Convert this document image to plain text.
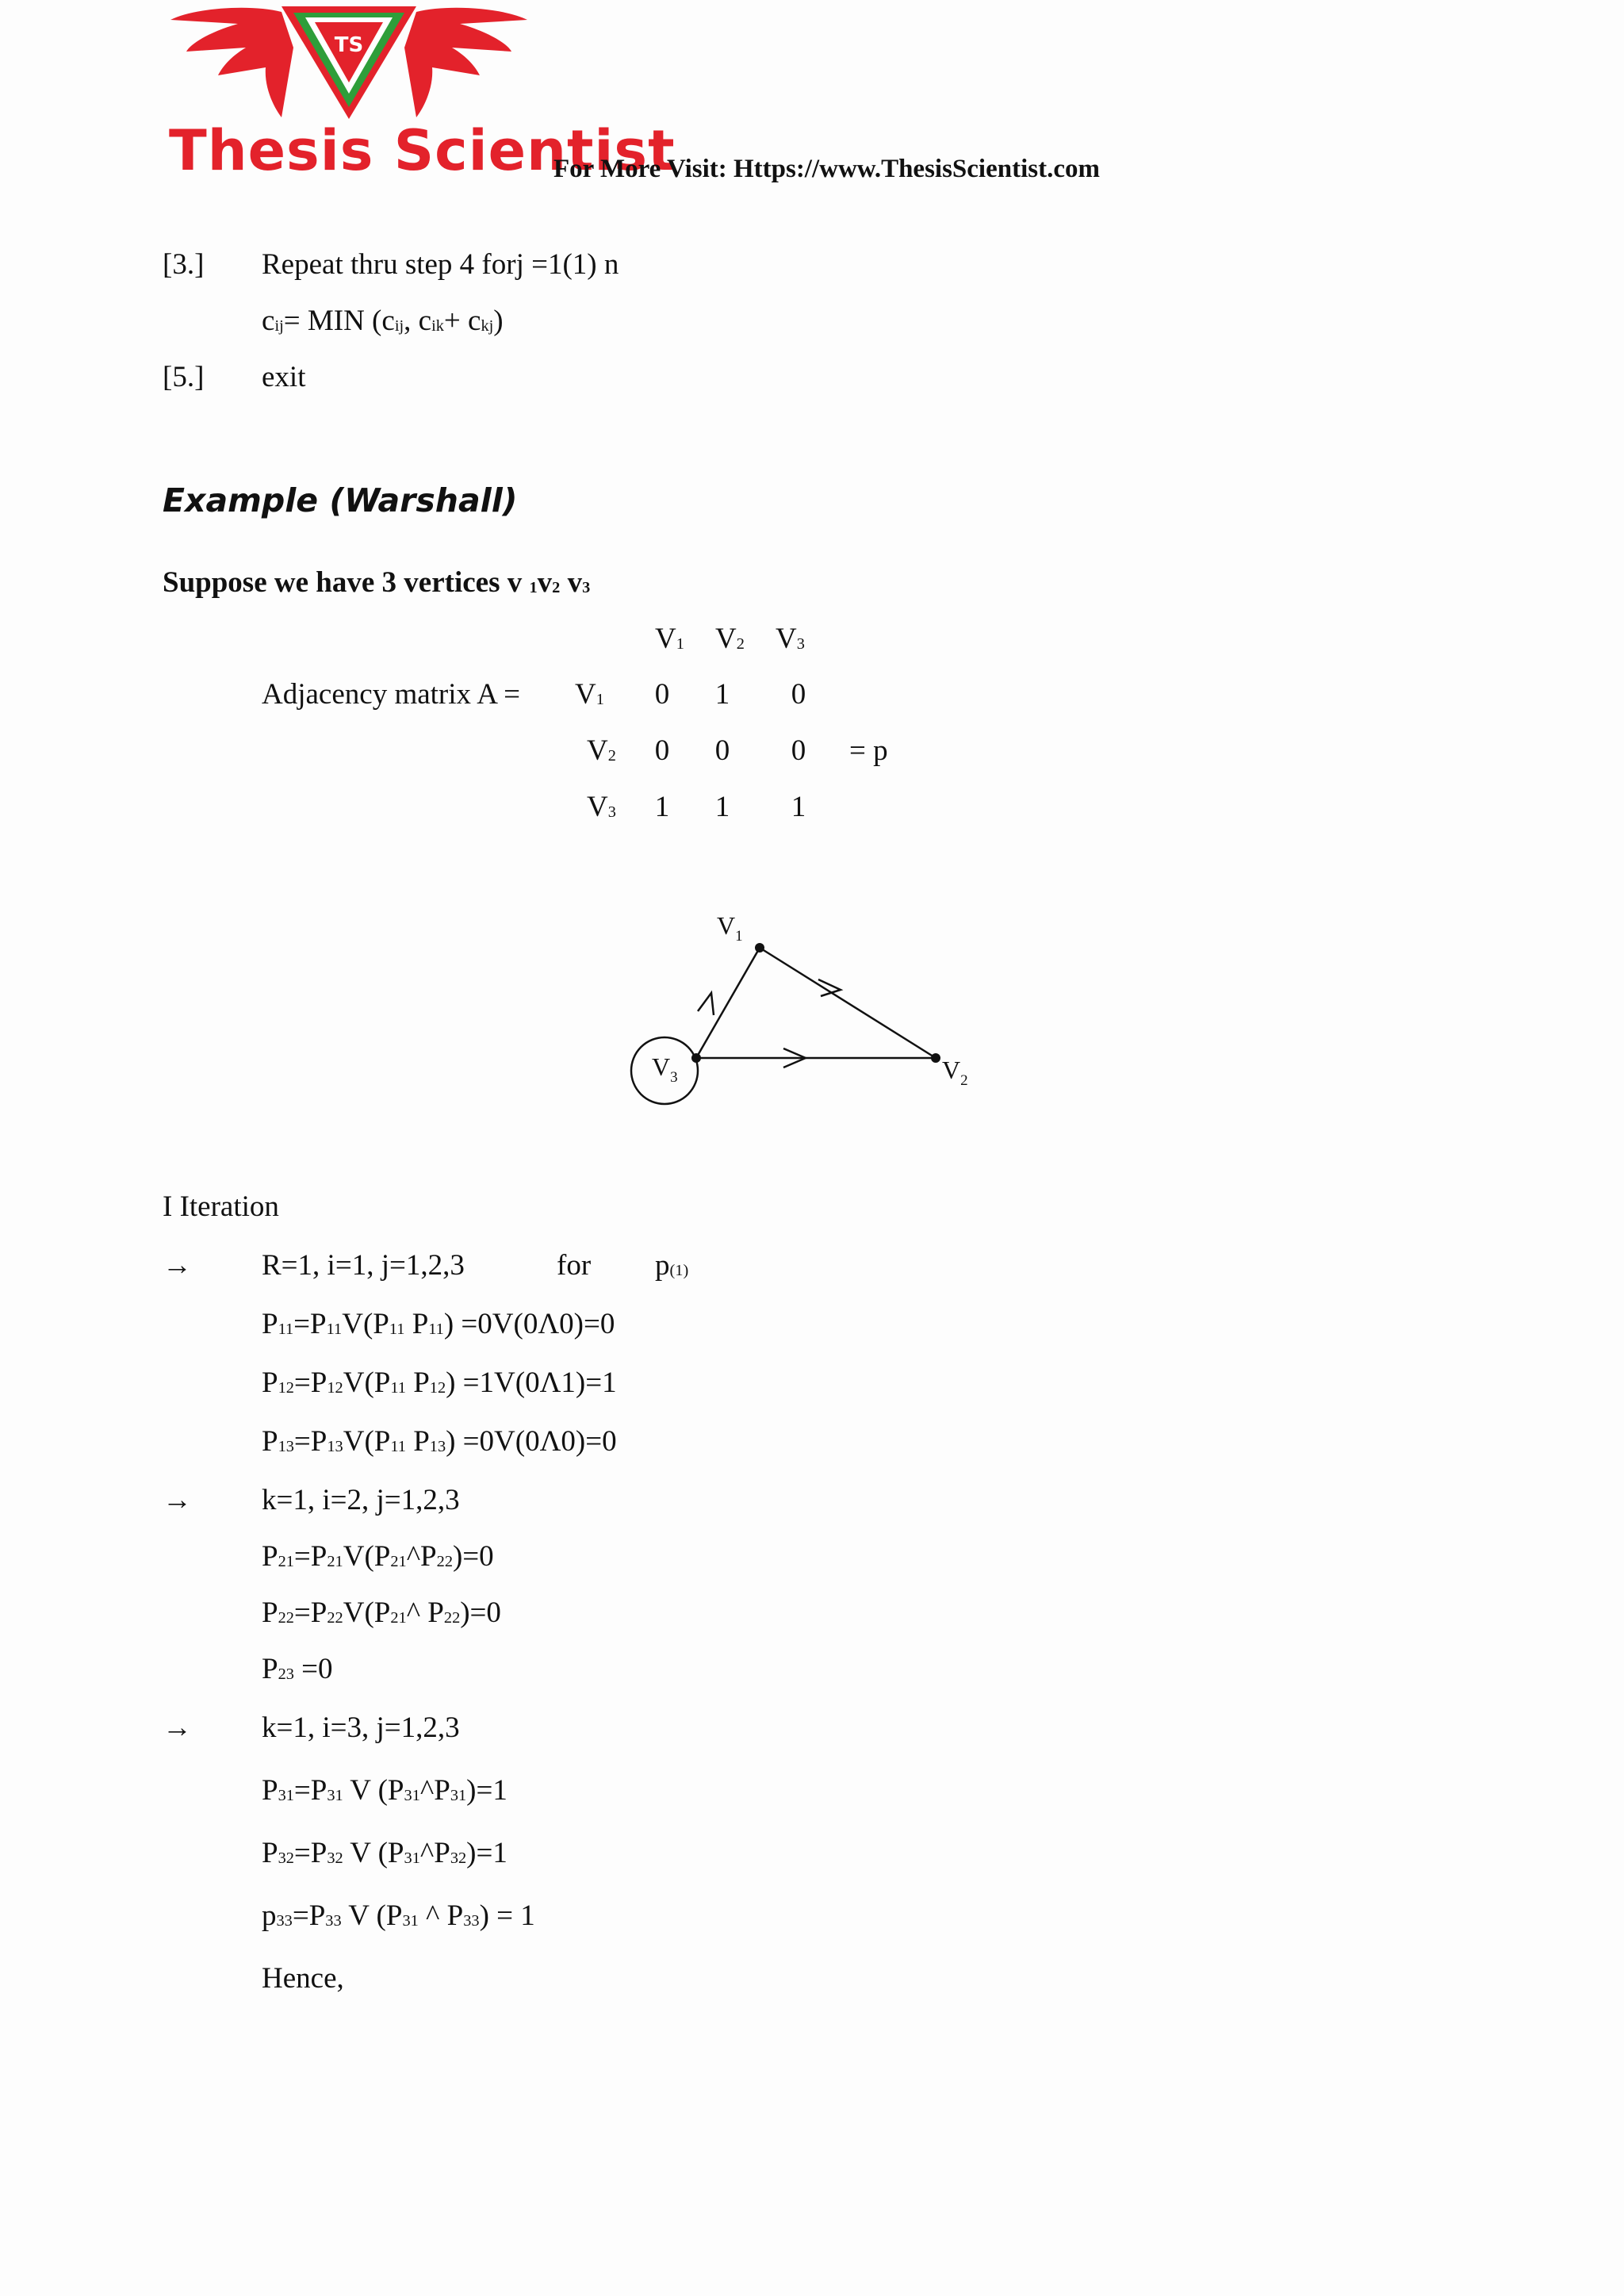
TS
Thesis Scientist
For More Visit: Https://www.ThesisScientist.com
[3.] Repeat thru step 4 forj =1(1) n
$c_{ij}=$ MIN ($c_{ij}$, $c_{ik}+ c_{kj}$)
[5.] exit
Example (Warshall)
Suppose we have 3 vertices v $_1v_2$ $v_3$
$V_1$ $V_2$ $V_3$
Adjacency matrix $A = V_1$ 0 1 0
$V_2$ 0 0 0 = p
$V_3$ 1 1 1
$V_1$
$V_2$
$V_3$
I Iteration
→ R=1, i=1, j=1,2,3	for $p_{(1)}$
$P_{11}=P_{11}V(P_{11}$ $P_{11}) =0V(0\Lambda 0)=0$
$P_{12}=P_{12}V(P_{11}$ $P_{12}) =1V(0\Lambda 1)=1$
$P_{13}=P_{13}V(P_{11}$ $P_{13}) =0V(0\Lambda 0)=0$
→ k=1, i=2, j=1,2,3
$P_{21}=P_{21}V(P_{21}\^{}P_{22})=0$
$P_{22}=P_{22}V(P_{21}\^{}$ $P_{22})=0$
$P_{23} =0$
→ k=1, i=3, j=1,2,3
$P_{31}=P_{31}$ V $(P_{31}\^{}P_{31})=1$
$P_{32}=P_{32}$ V $(P_{31}\^{}P_{32})=1$
$p_{33}=P_{33}$ V ($P_{31}$ ^ $P_{33}) = 1$
Hence,
